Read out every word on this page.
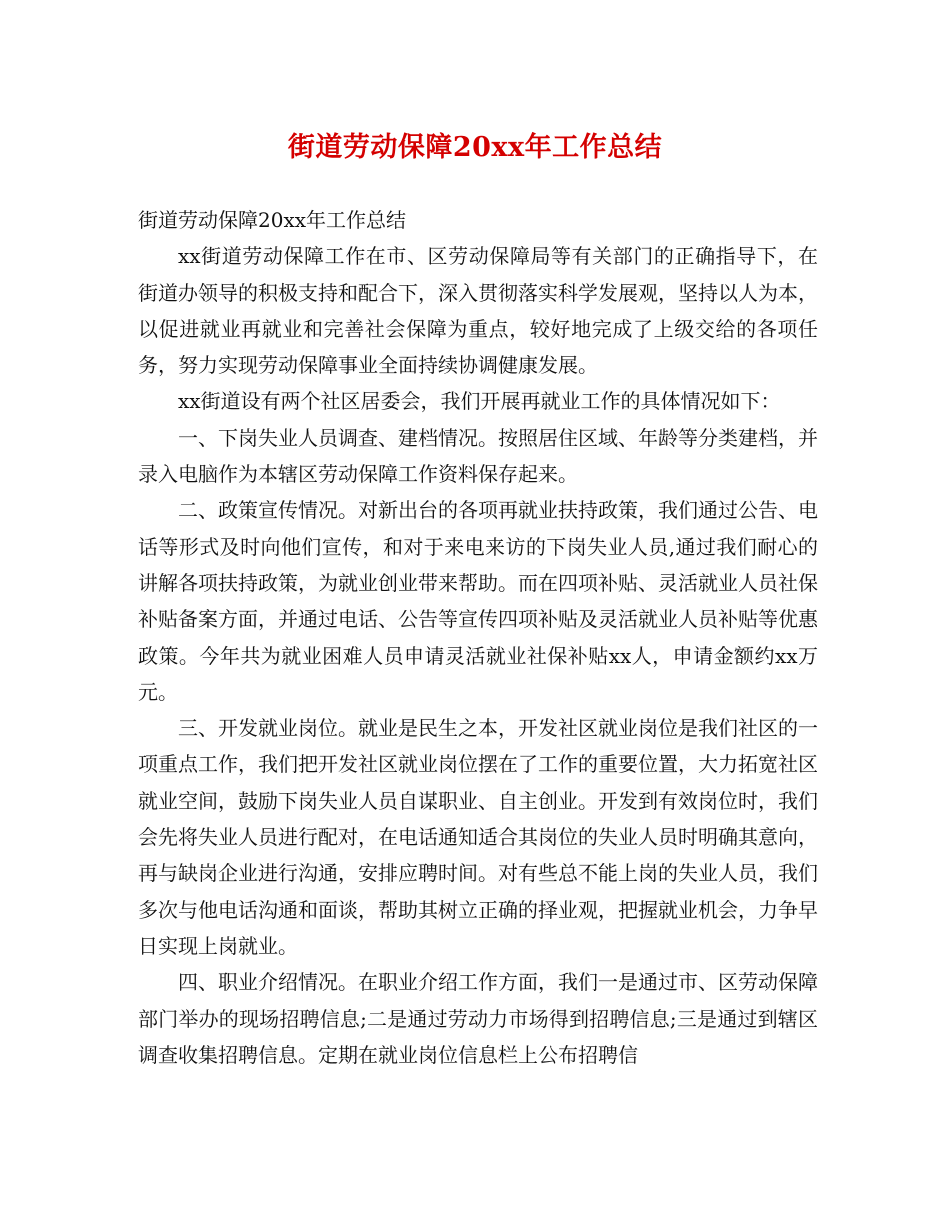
街道劳动保障20xx年工作总结

街道劳动保障20xx年工作总结

xx街道劳动保障工作在市、区劳动保障局等有关部门的正确指导下，在街道办领导的积极支持和配合下，深入贯彻落实科学发展观，坚持以人为本，以促进就业再就业和完善社会保障为重点，较好地完成了上级交给的各项任务，努力实现劳动保障事业全面持续协调健康发展。

xx街道设有两个社区居委会，我们开展再就业工作的具体情况如下：

一、下岗失业人员调查、建档情况。按照居住区域、年龄等分类建档，并录入电脑作为本辖区劳动保障工作资料保存起来。

二、政策宣传情况。对新出台的各项再就业扶持政策，我们通过公告、电话等形式及时向他们宣传，和对于来电来访的下岗失业人员,通过我们耐心的讲解各项扶持政策，为就业创业带来帮助。而在四项补贴、灵活就业人员社保补贴备案方面，并通过电话、公告等宣传四项补贴及灵活就业人员补贴等优惠政策。今年共为就业困难人员申请灵活就业社保补贴xx人，申请金额约xx万元。

三、开发就业岗位。就业是民生之本，开发社区就业岗位是我们社区的一项重点工作，我们把开发社区就业岗位摆在了工作的重要位置，大力拓宽社区就业空间，鼓励下岗失业人员自谋职业、自主创业。开发到有效岗位时，我们会先将失业人员进行配对，在电话通知适合其岗位的失业人员时明确其意向，再与缺岗企业进行沟通，安排应聘时间。对有些总不能上岗的失业人员，我们多次与他电话沟通和面谈，帮助其树立正确的择业观，把握就业机会，力争早日实现上岗就业。

四、职业介绍情况。在职业介绍工作方面，我们一是通过市、区劳动保障部门举办的现场招聘信息;二是通过劳动力市场得到招聘信息;三是通过到辖区调查收集招聘信息。定期在就业岗位信息栏上公布招聘信
